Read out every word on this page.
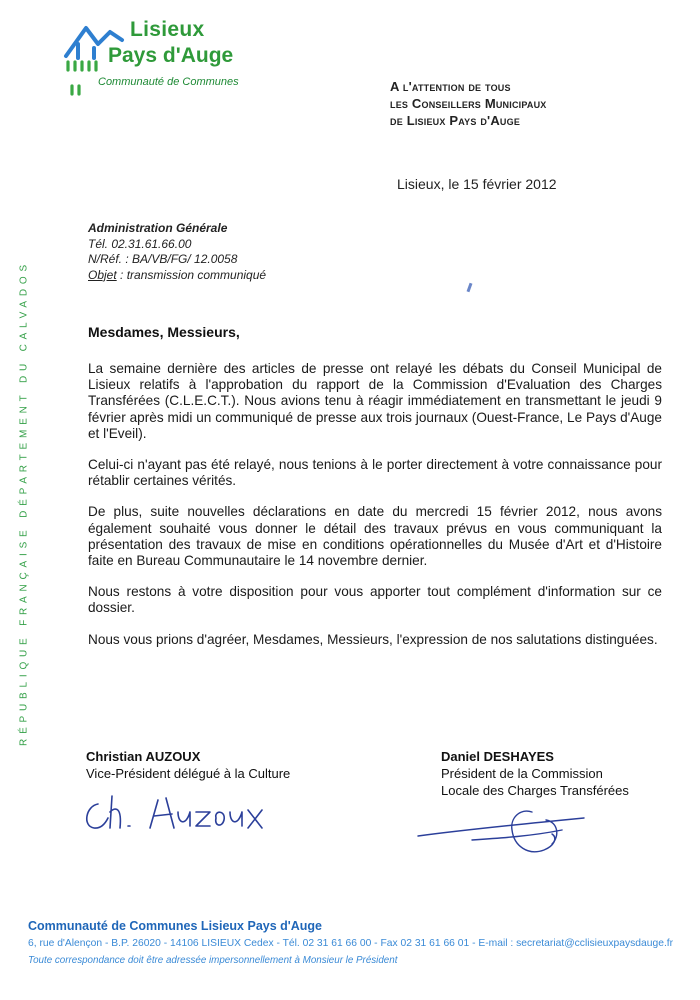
Lisieux
Pays d'Auge
Communauté de Communes
RÉPUBLIQUE FRANÇAISE DÉPARTEMENT DU CALVADOS
A l'attention de tous
les Conseillers Municipaux
de Lisieux Pays d'Auge
Lisieux, le 15 février 2012
Administration Générale
Tél. 02.31.61.66.00
N/Réf. : BA/VB/FG/ 12.0058
Objet : transmission communiqué
Mesdames, Messieurs,

La semaine dernière des articles de presse ont relayé les débats du Conseil Municipal de Lisieux relatifs à l'approbation du rapport de la Commission d'Evaluation des Charges Transférées (C.L.E.C.T.). Nous avions tenu à réagir immédiatement en transmettant le jeudi 9 février après midi un communiqué de presse aux trois journaux (Ouest-France, Le Pays d'Auge et l'Eveil).

Celui-ci n'ayant pas été relayé, nous tenions à le porter directement à votre connaissance pour rétablir certaines vérités.

De plus, suite nouvelles déclarations en date du mercredi 15 février 2012, nous avons également souhaité vous donner le détail des travaux prévus en vous communiquant la présentation des travaux de mise en conditions opérationnelles du Musée d'Art et d'Histoire faite en Bureau Communautaire le 14 novembre dernier.

Nous restons à votre disposition pour vous apporter tout complément d'information sur ce dossier.

Nous vous prions d'agréer, Mesdames, Messieurs, l'expression de nos salutations distinguées.

Christian AUZOUX
Vice-Président délégué à la Culture
Daniel DESHAYES
Président de la Commission
Locale des Charges Transférées
Communauté de Communes Lisieux Pays d'Auge
6, rue d'Alençon - B.P. 26020 - 14106 LISIEUX Cedex - Tél. 02 31 61 66 00 - Fax 02 31 61 66 01 - E-mail : secretariat@cclisieuxpaysdauge.fr
Toute correspondance doit être adressée impersonnellement à Monsieur le Président
